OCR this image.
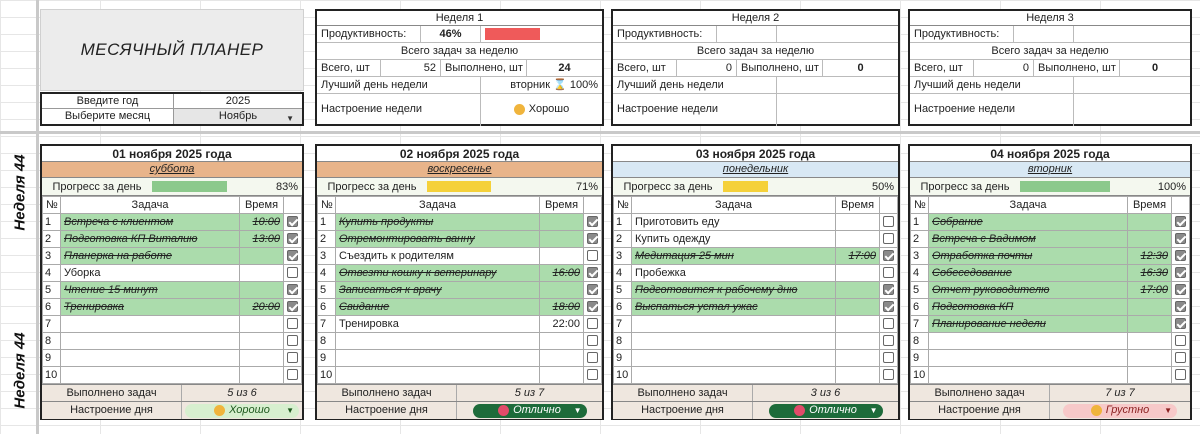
МЕСЯЧНЫЙ ПЛАНЕР
Введите год	2025
Выберите месяц	Ноябрь	▼
Неделя 1
Продуктивность:	46%
Всего задач за неделю
Всего, шт	52 Выполнено, шт	24
Лучший день недели	вторник ⌛ 100%
Настроение недели	Хорошо
Неделя 2
Продуктивность:
Всего задач за неделю
Всего, шт	0 Выполнено, шт	0
Лучший день недели
Настроение недели
Неделя 3
Продуктивность:
Всего задач за неделю
Всего, шт	0 Выполнено, шт	0
Лучший день недели
Настроение недели
Неделя 44
Неделя 44
01 ноября 2025 года
суббота
Прогресс за день	83%
№	Задача	Время	
1	Встреча с клиентом	10:00	
2	Подготовка КП Виталию	13:00	
3	Планерка на работе		
4	Уборка		
5	Чтение 15 минут		
6	Тренировка	20:00	
7			
8			
9			
10			
Выполнено задач	5 из 6
Настроение дня	Хорошо ▼
02 ноября 2025 года
воскресенье
Прогресс за день	71%
№	Задача	Время	
1	Купить продукты		
2	Отремонтировать ванну		
3	Съездить к родителям		
4	Отвезти кошку к ветеринару	16:00	
5	Записаться к врачу		
6	Свидание	18:00	
7	Тренировка	22:00	
8			
9			
10			
Выполнено задач	5 из 7
Настроение дня	Отлично ▼
03 ноября 2025 года
понедельник
Прогресс за день	50%
№	Задача	Время	
1	Приготовить еду		
2	Купить одежду		
3	Медитация 25 мин	17:00	
4	Пробежка		
5	Подготовится к рабочему дню		
6	Выспаться устал ужас		
7			
8			
9			
10			
Выполнено задач	3 из 6
Настроение дня	Отлично ▼
04 ноября 2025 года
вторник
Прогресс за день	100%
№	Задача	Время	
1	Собрание		
2	Встреча с Вадимом		
3	Отработка почты	12:30	
4	Собеседование	16:30	
5	Отчет руководителю	17:00	
6	Подготовка КП		
7	Планирование недели		
8			
9			
10			
Выполнено задач	7 из 7
Настроение дня	Грустно ▼
